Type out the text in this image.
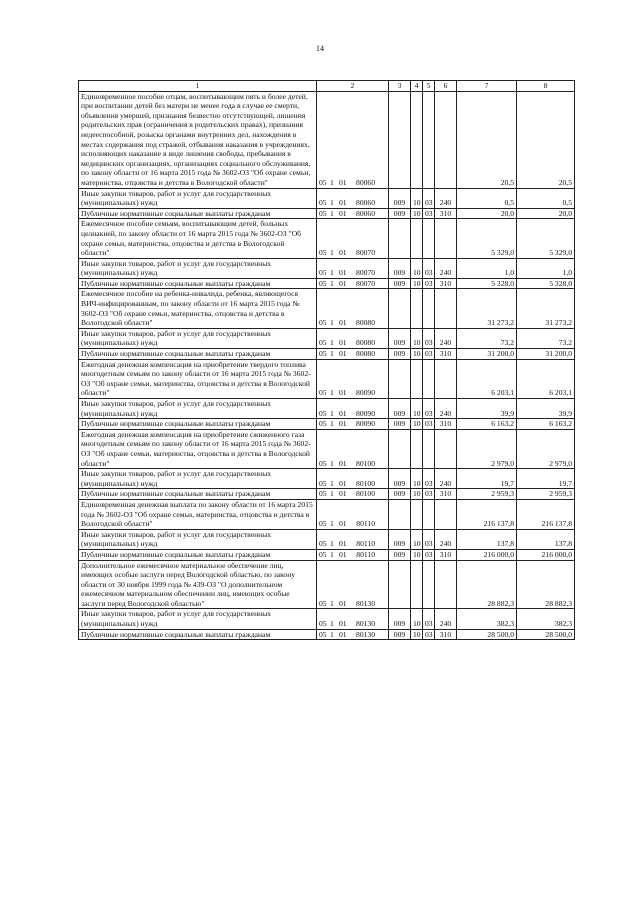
14
1	2	3	4	5	6	7	8
Единовременное пособие отцам, воспитывающим пять и более детей, при воспитании детей без матери не менее года в случае ее смерти, объявления умершей, признания безвестно отсутствующей, лишения родительских прав (ограничения в родительских правах), признания недееспособной, розыска органами внутренних дел, нахождения в местах содержания под стражей, отбывания наказания в учреждениях, исполняющих наказание в виде лишения свободы, пребывания в медицинских организациях, организациях социального обслуживания, по закону области от 16 марта 2015 года № 3602-ОЗ "Об охране семьи, материнства, отцовства и детства в Вологодской области"	05 1 01 80060					20,5	20,5
Иные закупки товаров, работ и услуг для государственных (муниципальных) нужд	05 1 01 80060	009	10	03	240	0,5	0,5
Публичные нормативные социальные выплаты гражданам	05 1 01 80060	009	10	03	310	20,0	20,0
Ежемесячное пособие семьям, воспитывающим детей, больных целиакией, по закону области от 16 марта 2015 года № 3602-ОЗ "Об охране семьи, материнства, отцовства и детства в Вологодской области"	05 1 01 80070					5 329,0	5 329,0
Иные закупки товаров, работ и услуг для государственных (муниципальных) нужд	05 1 01 80070	009	10	03	240	1,0	1,0
Публичные нормативные социальные выплаты гражданам	05 1 01 80070	009	10	03	310	5 328,0	5 328,0
Ежемесячное пособие на ребенка-инвалида, ребенка, являющегося ВИЧ-инфицированным, по закону области от 16 марта 2015 года № 3602-ОЗ "Об охране семьи, материнства, отцовства и детства в Вологодской области"	05 1 01 80080					31 273,2	31 273,2
Иные закупки товаров, работ и услуг для государственных (муниципальных) нужд	05 1 01 80080	009	10	03	240	73,2	73,2
Публичные нормативные социальные выплаты гражданам	05 1 01 80080	009	10	03	310	31 200,0	31 200,0
Ежегодная денежная компенсация на приобретение твердого топлива многодетным семьям по закону области от 16 марта 2015 года № 3602-ОЗ "Об охране семьи, материнства, отцовства и детства в Вологодской области"	05 1 01 80090					6 203,1	6 203,1
Иные закупки товаров, работ и услуг для государственных (муниципальных) нужд	05 1 01 80090	009	10	03	240	39,9	39,9
Публичные нормативные социальные выплаты гражданам	05 1 01 80090	009	10	03	310	6 163,2	6 163,2
Ежегодная денежная компенсация на приобретение сжиженного газа многодетным семьям по закону области от 16 марта 2015 года № 3602-ОЗ "Об охране семьи, материнства, отцовства и детства в Вологодской области"	05 1 01 80100					2 979,0	2 979,0
Иные закупки товаров, работ и услуг для государственных (муниципальных) нужд	05 1 01 80100	009	10	03	240	19,7	19,7
Публичные нормативные социальные выплаты гражданам	05 1 01 80100	009	10	03	310	2 959,3	2 959,3
Единовременная денежная выплата по закону области от 16 марта 2015 года № 3602-ОЗ "Об охране семьи, материнства, отцовства и детства в Вологодской области"	05 1 01 80110					216 137,8	216 137,8
Иные закупки товаров, работ и услуг для государственных (муниципальных) нужд	05 1 01 80110	009	10	03	240	137,8	137,8
Публичные нормативные социальные выплаты гражданам	05 1 01 80110	009	10	03	310	216 000,0	216 000,0
Дополнительное ежемесячное материальное обеспечение лиц, имеющих особые заслуги перед Вологодской областью, по закону области от 30 ноября 1999 года № 439-ОЗ "О дополнительном ежемесячном материальном обеспечении лиц, имеющих особые заслуги перед Вологодской областью"	05 1 01 80130					28 882,3	28 882,3
Иные закупки товаров, работ и услуг для государственных (муниципальных) нужд	05 1 01 80130	009	10	03	240	382,3	382,3
Публичные нормативные социальные выплаты гражданам	05 1 01 80130	009	10	03	310	28 500,0	28 500,0
